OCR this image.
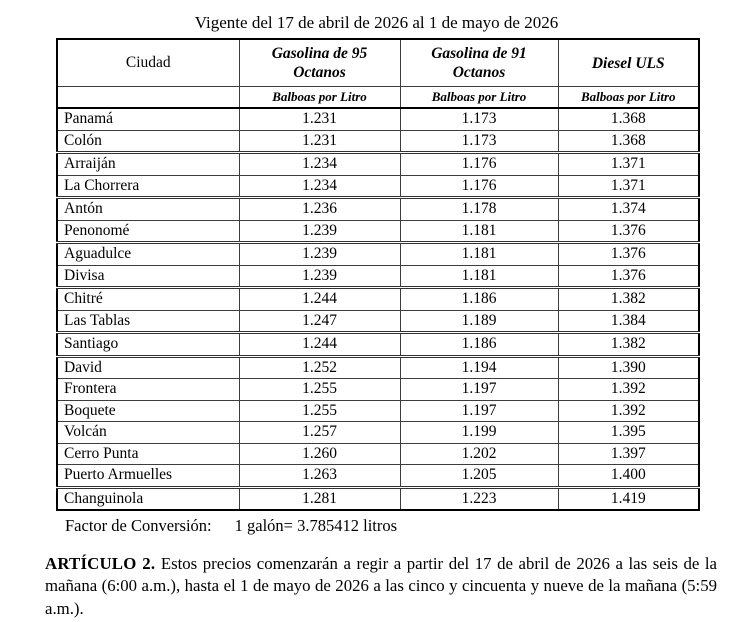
Vigente del 17 de abril de 2026 al 1 de mayo de 2026
Ciudad	Gasolina de 95 Octanos	Gasolina de 91 Octanos	Diesel ULS
	Balboas por Litro	Balboas por Litro	Balboas por Litro
Panamá	1.231	1.173	1.368
Colón	1.231	1.173	1.368
Arraiján	1.234	1.176	1.371
La Chorrera	1.234	1.176	1.371
Antón	1.236	1.178	1.374
Penonomé	1.239	1.181	1.376
Aguadulce	1.239	1.181	1.376
Divisa	1.239	1.181	1.376
Chitré	1.244	1.186	1.382
Las Tablas	1.247	1.189	1.384
Santiago	1.244	1.186	1.382
David	1.252	1.194	1.390
Frontera	1.255	1.197	1.392
Boquete	1.255	1.197	1.392
Volcán	1.257	1.199	1.395
Cerro Punta	1.260	1.202	1.397
Puerto Armuelles	1.263	1.205	1.400
Changuinola	1.281	1.223	1.419
Factor de Conversión: 1 galón= 3.785412 litros

ARTÍCULO 2. Estos precios comenzarán a regir a partir del 17 de abril de 2026 a las seis de la mañana (6:00 a.m.), hasta el 1 de mayo de 2026 a las cinco y cincuenta y nueve de la mañana (5:59 a.m.).
